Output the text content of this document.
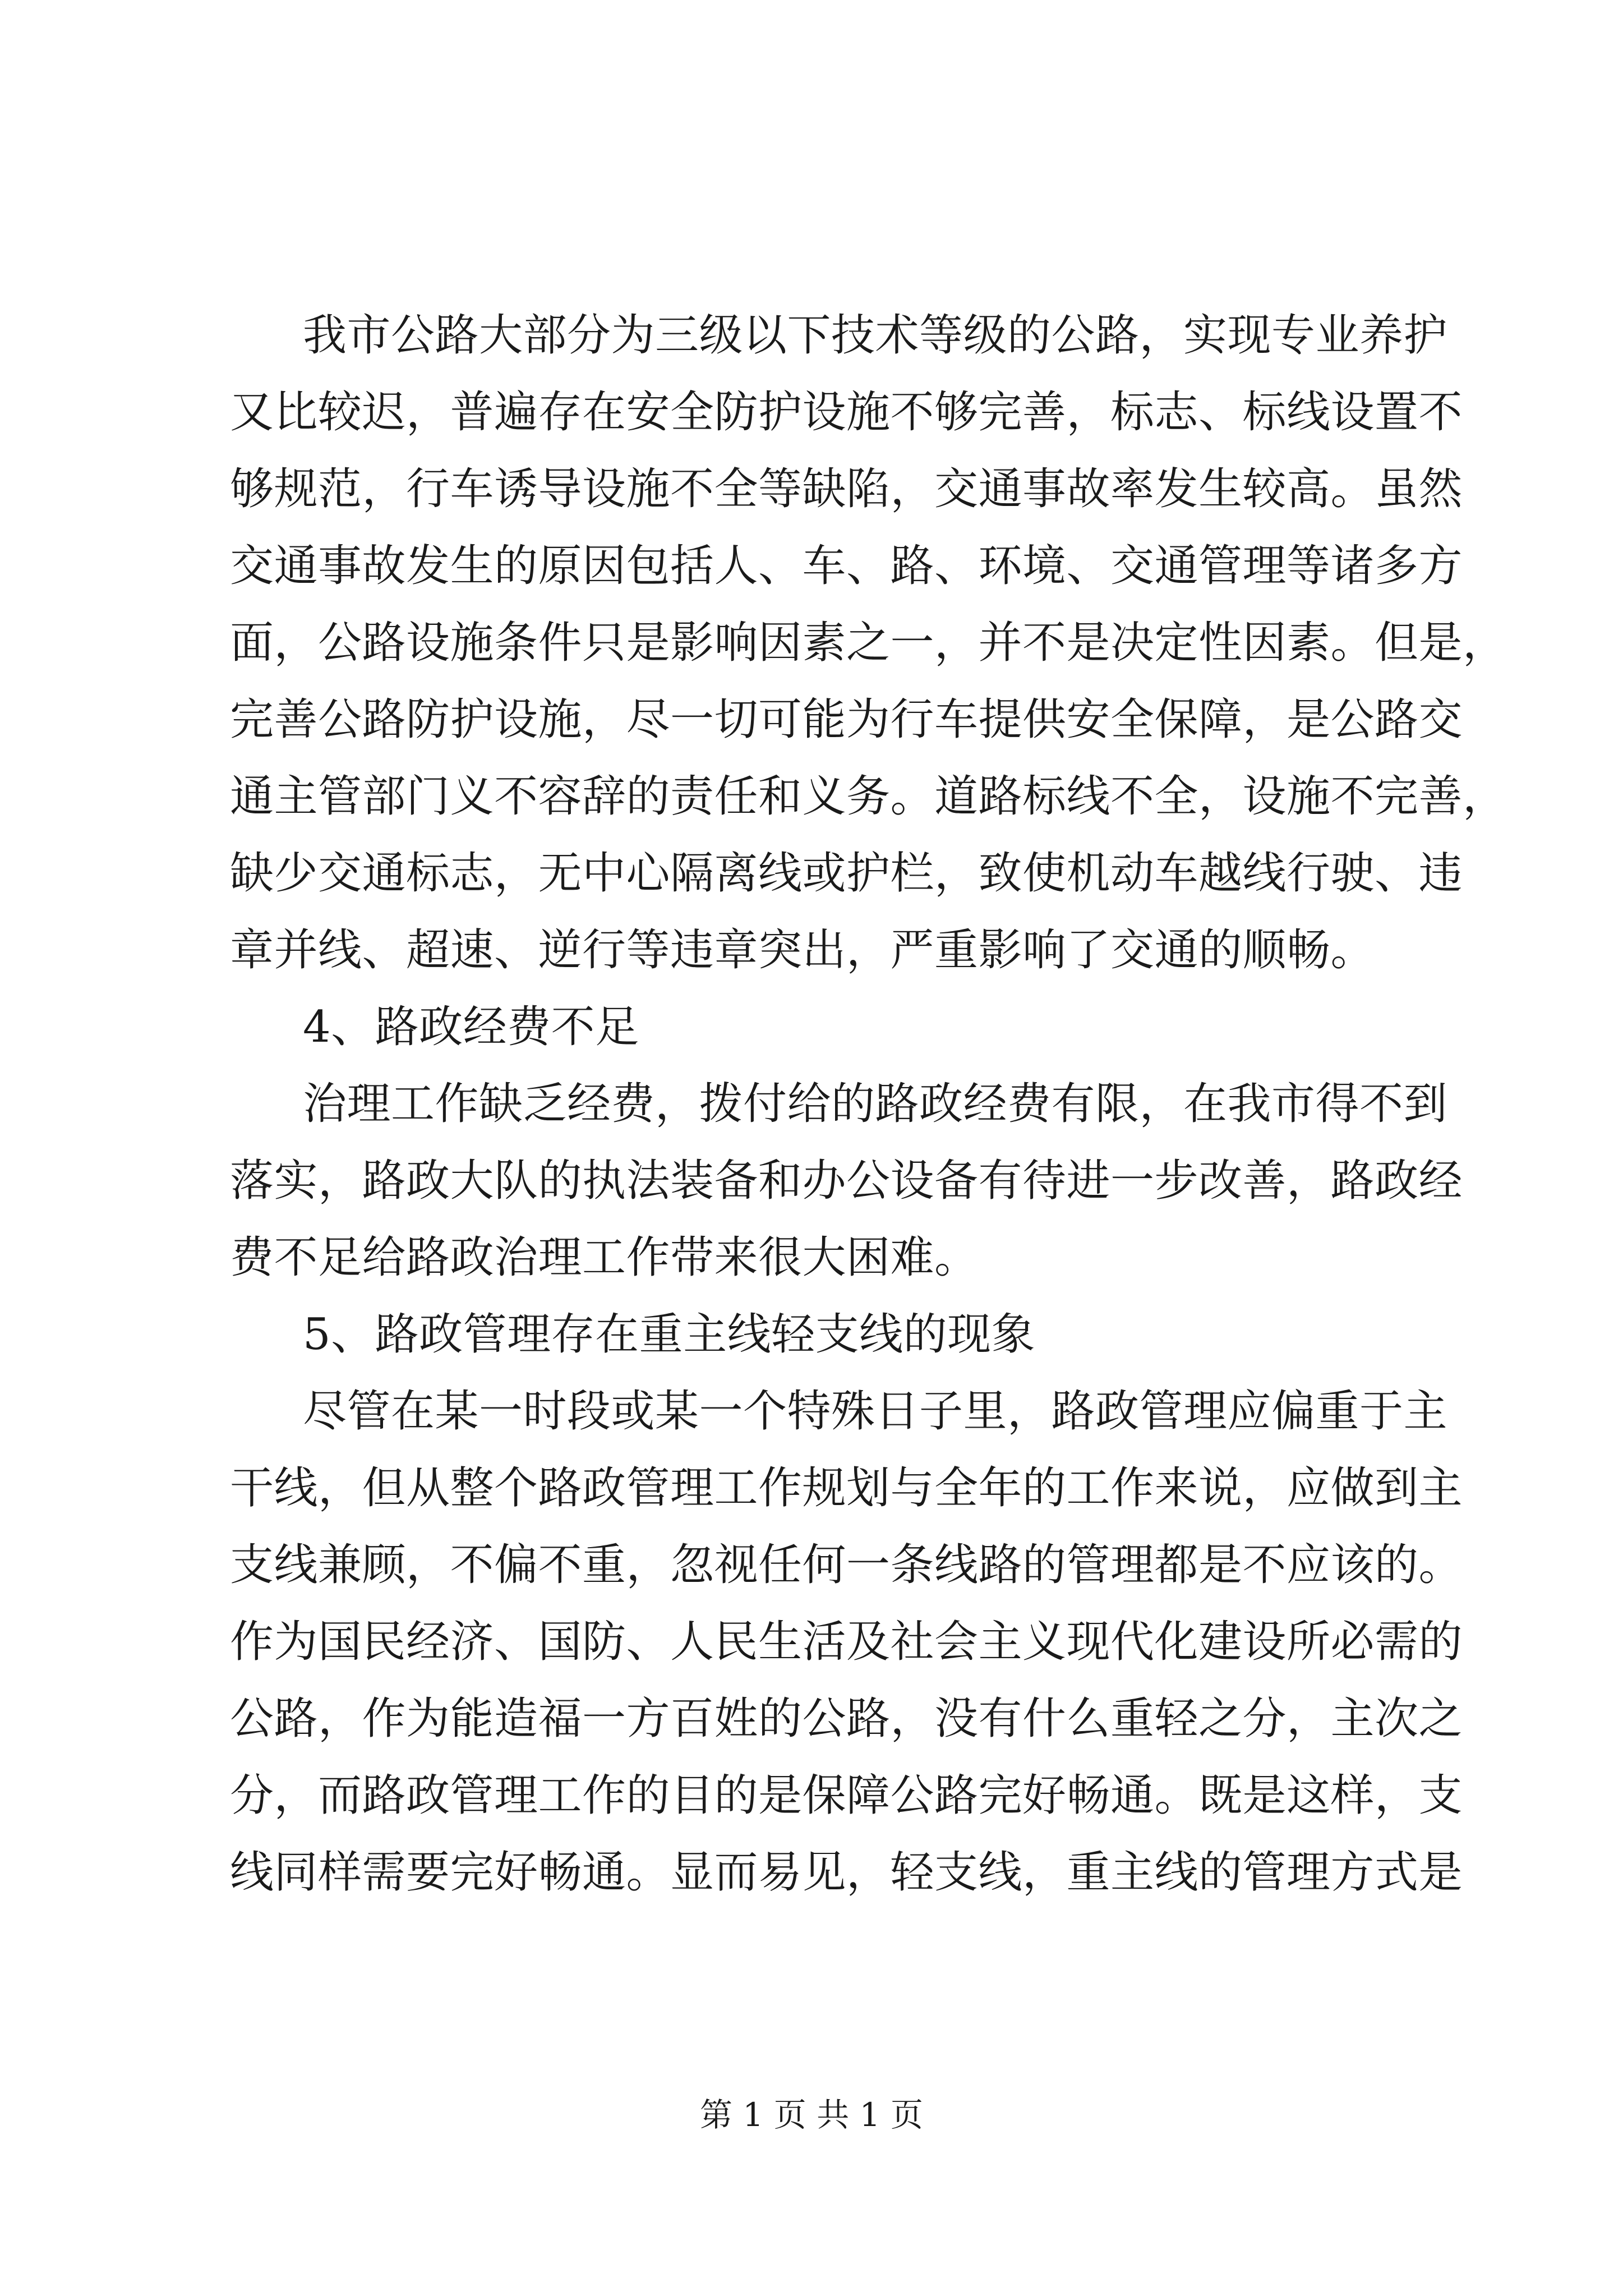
我市公路大部分为三级以下技术等级的公路，实现专业养护
又比较迟，普遍存在安全防护设施不够完善，标志、标线设置不
够规范，行车诱导设施不全等缺陷，交通事故率发生较高。虽然
交通事故发生的原因包括人、车、路、环境、交通管理等诸多方
面，公路设施条件只是影响因素之一，并不是决定性因素。但是，
完善公路防护设施，尽一切可能为行车提供安全保障，是公路交
通主管部门义不容辞的责任和义务。道路标线不全，设施不完善，
缺少交通标志，无中心隔离线或护栏，致使机动车越线行驶、违
章并线、超速、逆行等违章突出，严重影响了交通的顺畅。
4、路政经费不足
治理工作缺乏经费，拨付给的路政经费有限，在我市得不到
落实，路政大队的执法装备和办公设备有待进一步改善，路政经
费不足给路政治理工作带来很大困难。
5、路政管理存在重主线轻支线的现象
尽管在某一时段或某一个特殊日子里，路政管理应偏重于主
干线，但从整个路政管理工作规划与全年的工作来说，应做到主
支线兼顾，不偏不重，忽视任何一条线路的管理都是不应该的。
作为国民经济、国防、人民生活及社会主义现代化建设所必需的
公路，作为能造福一方百姓的公路，没有什么重轻之分，主次之
分，而路政管理工作的目的是保障公路完好畅通。既是这样，支
线同样需要完好畅通。显而易见，轻支线，重主线的管理方式是
第 1 页 共 1 页
